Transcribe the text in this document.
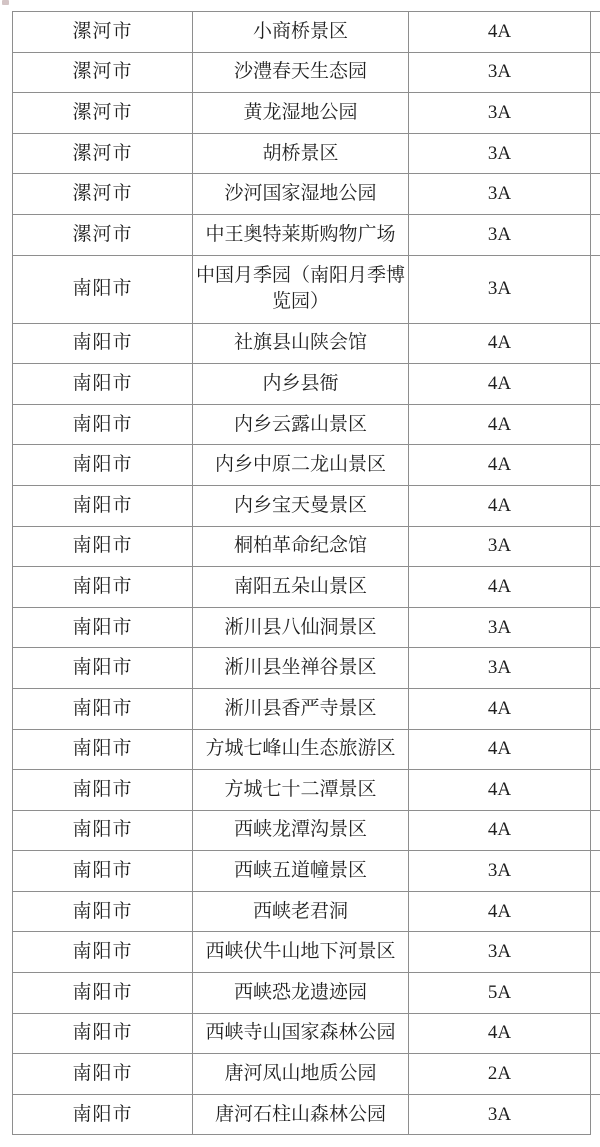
漯河市	小商桥景区	4A	
漯河市	沙澧春天生态园	3A	
漯河市	黄龙湿地公园	3A	
漯河市	胡桥景区	3A	
漯河市	沙河国家湿地公园	3A	
漯河市	中王奥特莱斯购物广场	3A	
南阳市	中国月季园（南阳月季博览园）	3A	
南阳市	社旗县山陕会馆	4A	
南阳市	内乡县衙	4A	
南阳市	内乡云露山景区	4A	
南阳市	内乡中原二龙山景区	4A	
南阳市	内乡宝天曼景区	4A	
南阳市	桐柏革命纪念馆	3A	
南阳市	南阳五朵山景区	4A	
南阳市	淅川县八仙洞景区	3A	
南阳市	淅川县坐禅谷景区	3A	
南阳市	淅川县香严寺景区	4A	
南阳市	方城七峰山生态旅游区	4A	
南阳市	方城七十二潭景区	4A	
南阳市	西峡龙潭沟景区	4A	
南阳市	西峡五道幢景区	3A	
南阳市	西峡老君洞	4A	
南阳市	西峡伏牛山地下河景区	3A	
南阳市	西峡恐龙遗迹园	5A	
南阳市	西峡寺山国家森林公园	4A	
南阳市	唐河凤山地质公园	2A	
南阳市	唐河石柱山森林公园	3A	
